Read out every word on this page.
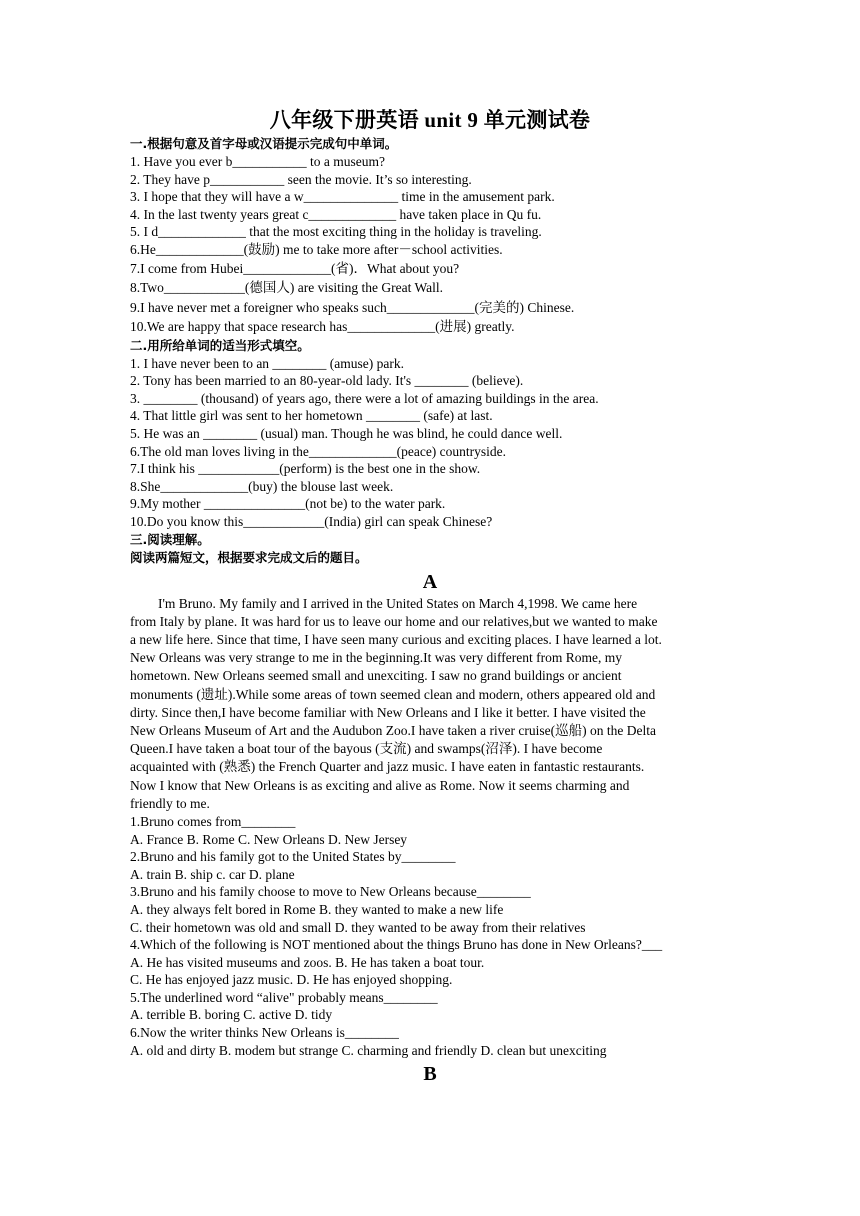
八年级下册英语 unit 9 单元测试卷
一.根据句意及首字母或汉语提示完成句中单词。
1. Have you ever b___________ to a museum?
2. They have p___________ seen the movie. It’s so interesting.
3. I hope that they will have a w______________ time in the amusement park.
4. In the last twenty years great c_____________ have taken place in Qu fu.
5. I d_____________ that the most exciting thing in the holiday is traveling.
6.He_____________(鼓励) me to take more after－school activities.
7.I come from Hubei_____________(省)．What about you?
8.Two____________(德国人) are visiting the Great Wall.
9.I have never met a foreigner who speaks such_____________(完美的) Chinese.
10.We are happy that space research has_____________(进展) greatly.
二.用所给单词的适当形式填空。
1. I have never been to an ________ (amuse) park.
2. Tony has been married to an 80‑year‑old lady. It's ________ (believe).
3. ________ (thousand) of years ago, there were a lot of amazing buildings in the area.
4. That little girl was sent to her hometown ________ (safe) at last.
5. He was an ________ (usual) man. Though he was blind, he could dance well.
6.The old man loves living in the_____________(peace) countryside.
7.I think his ____________(perform) is the best one in the show.
8.She_____________(buy) the blouse last week.
9.My mother _______________(not be) to the water park.
10.Do you know this____________(India) girl can speak Chinese?
三.阅读理解。
阅读两篇短文，根据要求完成文后的题目。
A
I'm Bruno. My family and I arrived in the United States on March 4,1998. We came here
from Italy by plane. It was hard for us to leave our home and our relatives,but we wanted to make
a new life here. Since that time, I have seen many curious and exciting places. I have learned a lot.
New Orleans was very strange to me in the beginning.It was very different from Rome, my
hometown. New Orleans seemed small and unexciting. I saw no grand buildings or ancient
monuments (遗址).While some areas of town seemed clean and modern, others appeared old and
dirty. Since then,I have become familiar with New Orleans and I like it better. I have visited the
New Orleans Museum of Art and the Audubon Zoo.I have taken a river cruise(巡船) on the Delta
Queen.I have taken a boat tour of the bayous (支流) and swamps(沼泽). I have become
acquainted with (熟悉) the French Quarter and jazz music. I have eaten in fantastic restaurants.
Now I know that New Orleans is as exciting and alive as Rome. Now it seems charming and
friendly to me.
1.Bruno comes from________
A. France B. Rome C. New Orleans D. New Jersey
2.Bruno and his family got to the United States by________
A. train B. ship c. car D. plane
3.Bruno and his family choose to move to New Orleans because________
A. they always felt bored in Rome B. they wanted to make a new life
C. their hometown was old and small D. they wanted to be away from their relatives
4.Which of the following is NOT mentioned about the things Bruno has done in New Orleans?___
A. He has visited museums and zoos. B. He has taken a boat tour.
C. He has enjoyed jazz music. D. He has enjoyed shopping.
5.The underlined word “alive" probably means________
A. terrible B. boring C. active D. tidy
6.Now the writer thinks New Orleans is________
A. old and dirty B. modem but strange C. charming and friendly D. clean but unexciting
B
